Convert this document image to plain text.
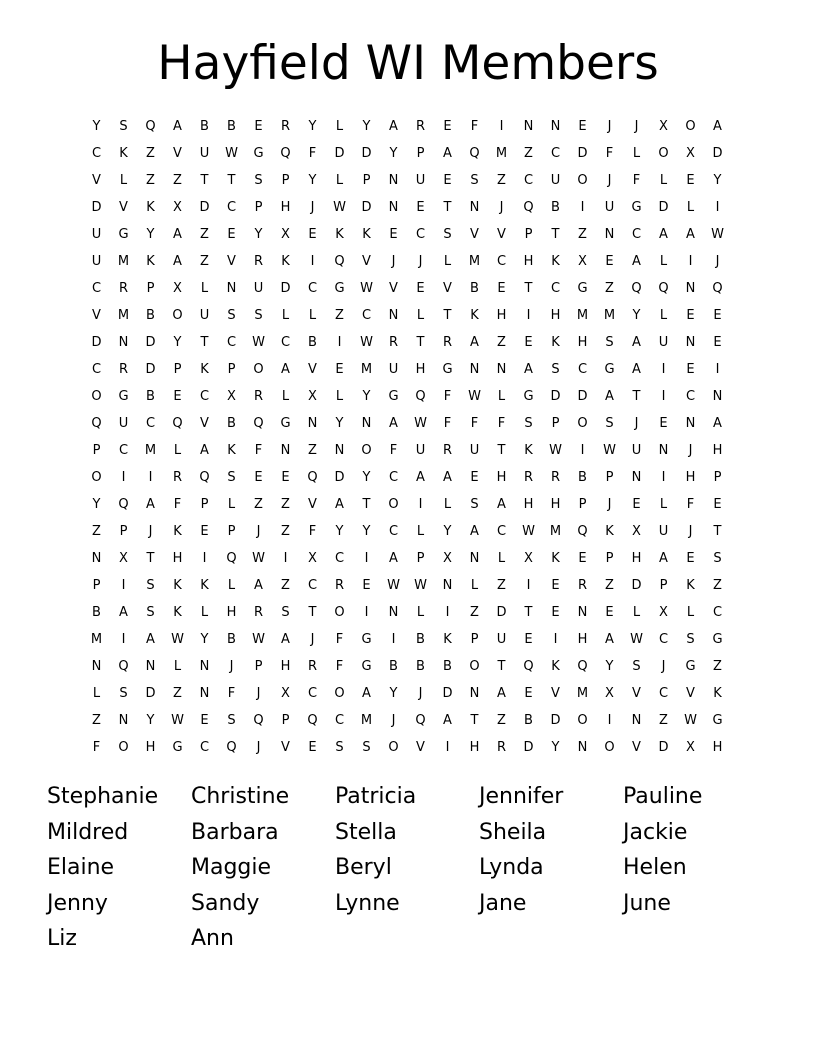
Hayfield WI Members
Y	S	Q	A	B	B	E	R	Y	L	Y	A	R	E	F	I	N	N	E	J	J	X	O	A
C	K	Z	V	U	W	G	Q	F	D	D	Y	P	A	Q	M	Z	C	D	F	L	O	X	D
V	L	Z	Z	T	T	S	P	Y	L	P	N	U	E	S	Z	C	U	O	J	F	L	E	Y
D	V	K	X	D	C	P	H	J	W	D	N	E	T	N	J	Q	B	I	U	G	D	L	I
U	G	Y	A	Z	E	Y	X	E	K	K	E	C	S	V	V	P	T	Z	N	C	A	A	W
U	M	K	A	Z	V	R	K	I	Q	V	J	J	L	M	C	H	K	X	E	A	L	I	J
C	R	P	X	L	N	U	D	C	G	W	V	E	V	B	E	T	C	G	Z	Q	Q	N	Q
V	M	B	O	U	S	S	L	L	Z	C	N	L	T	K	H	I	H	M	M	Y	L	E	E
D	N	D	Y	T	C	W	C	B	I	W	R	T	R	A	Z	E	K	H	S	A	U	N	E
C	R	D	P	K	P	O	A	V	E	M	U	H	G	N	N	A	S	C	G	A	I	E	I
O	G	B	E	C	X	R	L	X	L	Y	G	Q	F	W	L	G	D	D	A	T	I	C	N
Q	U	C	Q	V	B	Q	G	N	Y	N	A	W	F	F	F	S	P	O	S	J	E	N	A
P	C	M	L	A	K	F	N	Z	N	O	F	U	R	U	T	K	W	I	W	U	N	J	H
O	I	I	R	Q	S	E	E	Q	D	Y	C	A	A	E	H	R	R	B	P	N	I	H	P
Y	Q	A	F	P	L	Z	Z	V	A	T	O	I	L	S	A	H	H	P	J	E	L	F	E
Z	P	J	K	E	P	J	Z	F	Y	Y	C	L	Y	A	C	W	M	Q	K	X	U	J	T
N	X	T	H	I	Q	W	I	X	C	I	A	P	X	N	L	X	K	E	P	H	A	E	S
P	I	S	K	K	L	A	Z	C	R	E	W	W	N	L	Z	I	E	R	Z	D	P	K	Z
B	A	S	K	L	H	R	S	T	O	I	N	L	I	Z	D	T	E	N	E	L	X	L	C
M	I	A	W	Y	B	W	A	J	F	G	I	B	K	P	U	E	I	H	A	W	C	S	G
N	Q	N	L	N	J	P	H	R	F	G	B	B	B	O	T	Q	K	Q	Y	S	J	G	Z
L	S	D	Z	N	F	J	X	C	O	A	Y	J	D	N	A	E	V	M	X	V	C	V	K
Z	N	Y	W	E	S	Q	P	Q	C	M	J	Q	A	T	Z	B	D	O	I	N	Z	W	G
F	O	H	G	C	Q	J	V	E	S	S	O	V	I	H	R	D	Y	N	O	V	D	X	H
Stephanie	Christine	Patricia	Jennifer	Pauline
Mildred	Barbara	Stella	Sheila	Jackie
Elaine	Maggie	Beryl	Lynda	Helen
Jenny	Sandy	Lynne	Jane	June
Liz	Ann
